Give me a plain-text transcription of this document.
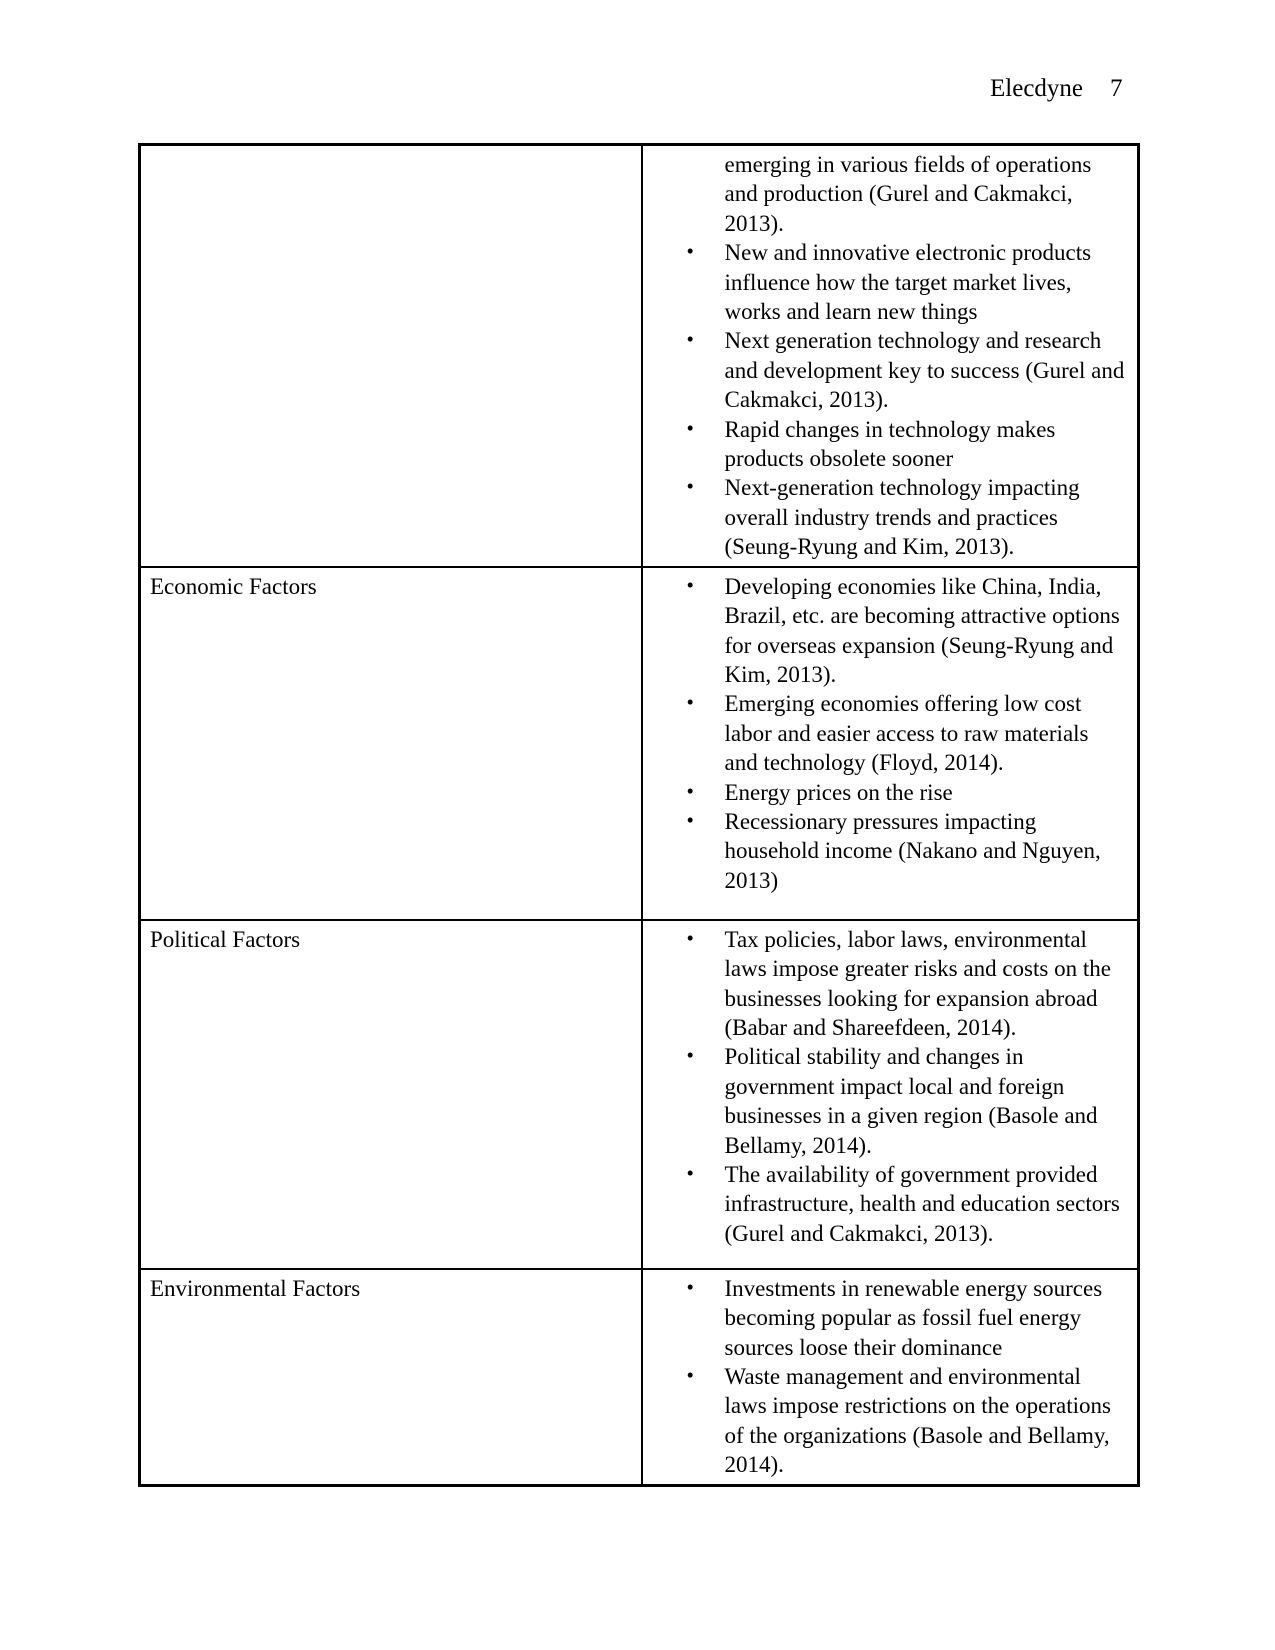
Elecdyne 7

emerging in various fields of operations and production (Gurel and Cakmakci, 2013).
• New and innovative electronic products influence how the target market lives, works and learn new things
• Next generation technology and research and development key to success (Gurel and Cakmakci, 2013).
• Rapid changes in technology makes products obsolete sooner
• Next-generation technology impacting overall industry trends and practices (Seung-Ryung and Kim, 2013).

Economic Factors	• Developing economies like China, India, Brazil, etc. are becoming attractive options for overseas expansion (Seung-Ryung and Kim, 2013).
• Emerging economies offering low cost labor and easier access to raw materials and technology (Floyd, 2014).
• Energy prices on the rise
• Recessionary pressures impacting household income (Nakano and Nguyen, 2013)

Political Factors	• Tax policies, labor laws, environmental laws impose greater risks and costs on the businesses looking for expansion abroad (Babar and Shareefdeen, 2014).
• Political stability and changes in government impact local and foreign businesses in a given region (Basole and Bellamy, 2014).
• The availability of government provided infrastructure, health and education sectors (Gurel and Cakmakci, 2013).

Environmental Factors	• Investments in renewable energy sources becoming popular as fossil fuel energy sources loose their dominance
• Waste management and environmental laws impose restrictions on the operations of the organizations (Basole and Bellamy, 2014).
